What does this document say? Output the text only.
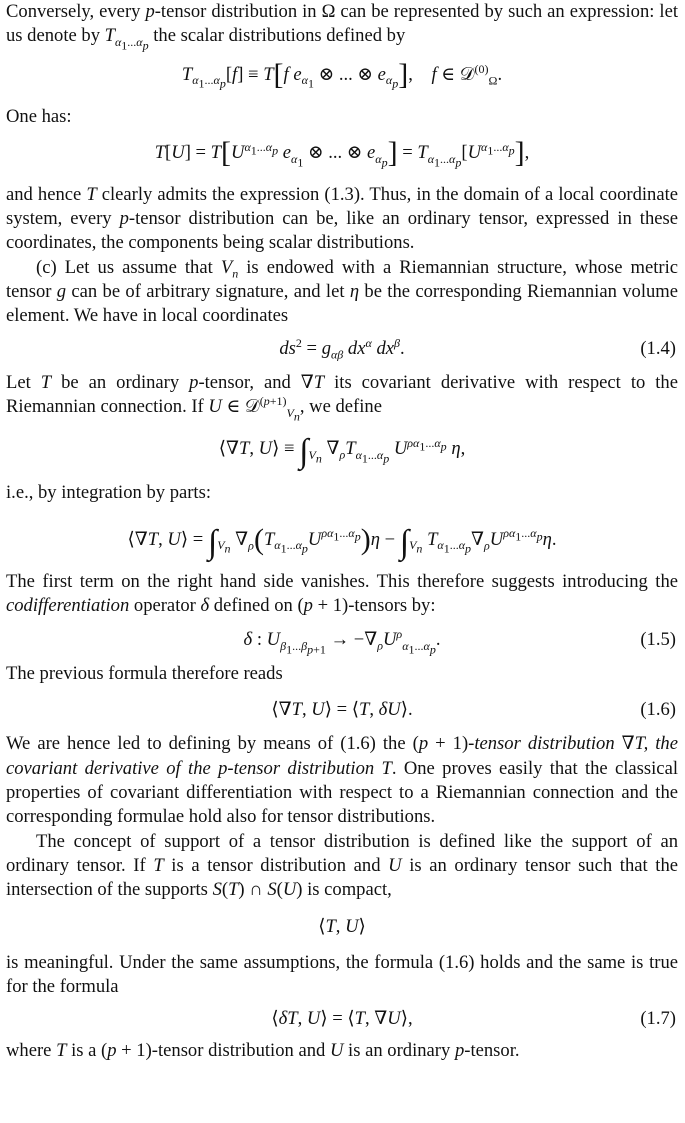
Conversely, every p-tensor distribution in Ω can be represented by such an expression: let us denote by $T_{\alpha_1...\alpha_p}$ the scalar distributions defined by

$T_{\alpha_1...\alpha_p}[f] \equiv T[f$ $e_{\alpha_1}$ ⊗ ... ⊗ $e_{\alpha_p}$],    f ∈ 𝒟$^{(0)}_\Omega$.

One has:

$T[U] = T[U^{\alpha_1...\alpha_p}$ $e_{\alpha_1}$ ⊗ ... ⊗ $e_{\alpha_p}] = T_{\alpha_1...\alpha_p}[U^{\alpha_1...\alpha_p}]$,

and hence T clearly admits the expression (1.3). Thus, in the domain of a local coordinate system, every p-tensor distribution can be, like an ordinary tensor, expressed in these coordinates, the components being scalar distributions.

(c) Let us assume that $V_n$ is endowed with a Riemannian structure, whose metric tensor g can be of arbitrary signature, and let η be the corresponding Riemannian volume element. We have in local coordinates

$ds^2 = g_{\alpha\beta}$ $dx^\alpha$ $dx^\beta$.	(1.4)

Let T be an ordinary p-tensor, and ∇T its covariant derivative with respect to the Riemannian connection. If U ∈ 𝒟$^{(p+1)}_{V_n}$, we define

⟨∇T, U⟩ ≡ $\int_{V_n}$ $\nabla_\rho T_{\alpha_1...\alpha_p}$ $U^{\rho\alpha_1...\alpha_p}$ η,

i.e., by integration by parts:

⟨∇T, U⟩ = $\int_{V_n}$ $\nabla_\rho(T_{\alpha_1...\alpha_p}U^{\rho\alpha_1...\alpha_p})\eta - \int_{V_n}$ $T_{\alpha_1...\alpha_p}\nabla_\rho U^{\rho\alpha_1...\alpha_p}\eta$.

The first term on the right hand side vanishes. This therefore suggests introducing the codifferentiation operator δ defined on (p + 1)-tensors by:

δ : $U_{\beta_1...\beta_{p+1}} \to -\nabla_\rho U^\rho_{\alpha_1...\alpha_p}$.	(1.5)

The previous formula therefore reads

⟨∇T, U⟩ = ⟨T, δU⟩.	(1.6)

We are hence led to defining by means of (1.6) the (p + 1)-tensor distribution ∇T, the covariant derivative of the p-tensor distribution T. One proves easily that the classical properties of covariant differentiation with respect to a Riemannian connection and the corresponding formulae hold also for tensor distributions.

The concept of support of a tensor distribution is defined like the support of an ordinary tensor. If T is a tensor distribution and U is an ordinary tensor such that the intersection of the supports S(T) ∩ S(U) is compact,

⟨T, U⟩

is meaningful. Under the same assumptions, the formula (1.6) holds and the same is true for the formula

⟨δT, U⟩ = ⟨T, ∇U⟩,	(1.7)

where T is a (p + 1)-tensor distribution and U is an ordinary p-tensor.
